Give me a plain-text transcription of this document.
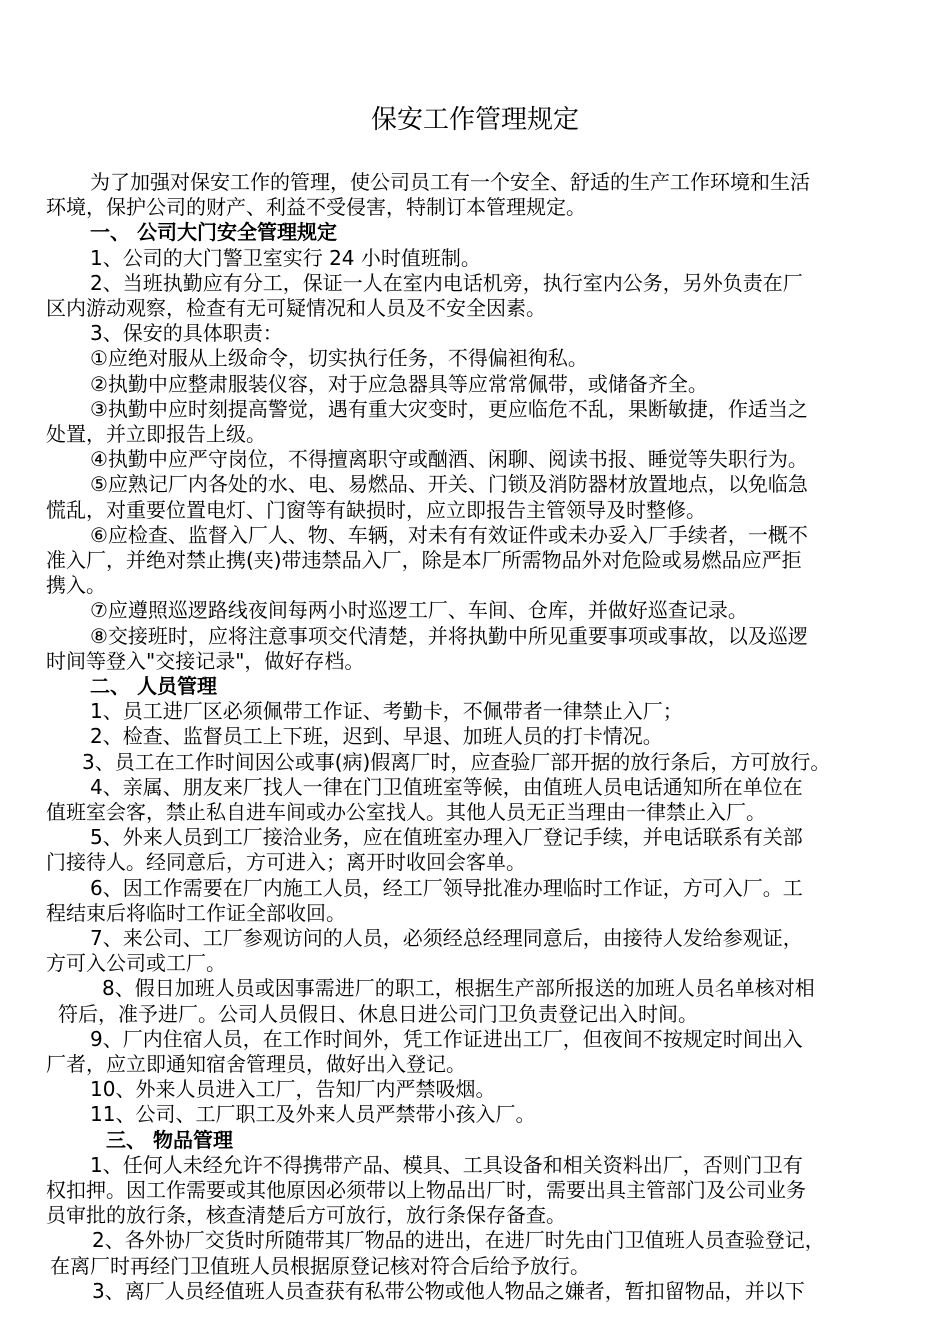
保安工作管理规定
为了加强对保安工作的管理，使公司员工有一个安全、舒适的生产工作环境和生活
环境，保护公司的财产、利益不受侵害，特制订本管理规定。
一、 公司大门安全管理规定
1、公司的大门警卫室实行 24 小时值班制。
2、当班执勤应有分工，保证一人在室内电话机旁，执行室内公务，另外负责在厂
区内游动观察，检查有无可疑情况和人员及不安全因素。
3、保安的具体职责：
①应绝对服从上级命令，切实执行任务，不得偏袒徇私。
②执勤中应整肃服装仪容，对于应急器具等应常常佩带，或储备齐全。
③执勤中应时刻提高警觉，遇有重大灾变时，更应临危不乱，果断敏捷，作适当之
处置，并立即报告上级。
④执勤中应严守岗位，不得擅离职守或酗酒、闲聊、阅读书报、睡觉等失职行为。
⑤应熟记厂内各处的水、电、易燃品、开关、门锁及消防器材放置地点，以免临急
慌乱，对重要位置电灯、门窗等有缺损时，应立即报告主管领导及时整修。
⑥应检查、监督入厂人、物、车辆，对未有有效证件或未办妥入厂手续者，一概不
准入厂，并绝对禁止携(夹)带违禁品入厂，除是本厂所需物品外对危险或易燃品应严拒
携入。
⑦应遵照巡逻路线夜间每两小时巡逻工厂、车间、仓库，并做好巡查记录。
⑧交接班时，应将注意事项交代清楚，并将执勤中所见重要事项或事故，以及巡逻
时间等登入"交接记录"，做好存档。
二、 人员管理
1、员工进厂区必须佩带工作证、考勤卡，不佩带者一律禁止入厂；
2、检查、监督员工上下班，迟到、早退、加班人员的打卡情况。
3、员工在工作时间因公或事(病)假离厂时，应查验厂部开据的放行条后，方可放行。
4、亲属、朋友来厂找人一律在门卫值班室等候，由值班人员电话通知所在单位在
值班室会客，禁止私自进车间或办公室找人。其他人员无正当理由一律禁止入厂。
5、外来人员到工厂接洽业务，应在值班室办理入厂登记手续，并电话联系有关部
门接待人。经同意后，方可进入；离开时收回会客单。
6、因工作需要在厂内施工人员，经工厂领导批准办理临时工作证，方可入厂。工
程结束后将临时工作证全部收回。
7、来公司、工厂参观访问的人员，必须经总经理同意后，由接待人发给参观证，
方可入公司或工厂。
8、假日加班人员或因事需进厂的职工，根据生产部所报送的加班人员名单核对相
符后，准予进厂。公司人员假日、休息日进公司门卫负责登记出入时间。
9、厂内住宿人员，在工作时间外，凭工作证进出工厂，但夜间不按规定时间出入
厂者，应立即通知宿舍管理员，做好出入登记。
10、外来人员进入工厂，告知厂内严禁吸烟。
11、公司、工厂职工及外来人员严禁带小孩入厂。
三、 物品管理
1、任何人未经允许不得携带产品、模具、工具设备和相关资料出厂，否则门卫有
权扣押。因工作需要或其他原因必须带以上物品出厂时，需要出具主管部门及公司业务
员审批的放行条，核查清楚后方可放行，放行条保存备查。
2、各外协厂交货时所随带其厂物品的进出，在进厂时先由门卫值班人员查验登记，
在离厂时再经门卫值班人员根据原登记核对符合后给予放行。
3、离厂人员经值班人员查获有私带公物或他人物品之嫌者，暂扣留物品，并以下
